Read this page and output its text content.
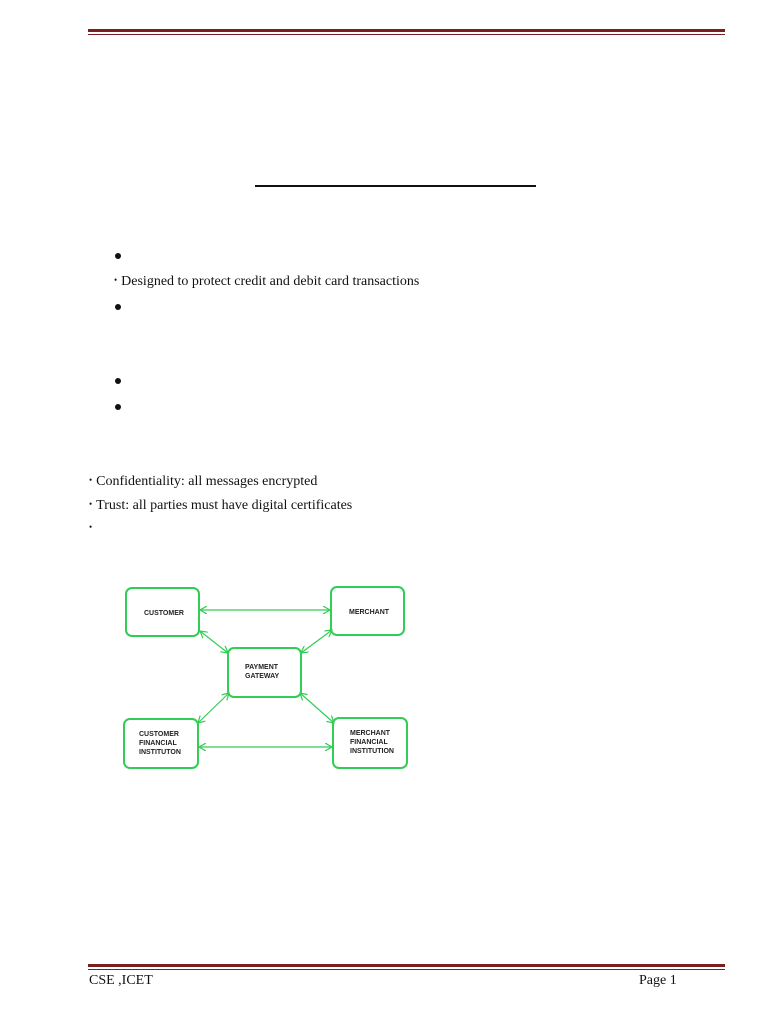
• Designed to protect credit and debit card transactions
• Confidentiality: all messages encrypted
• Trust: all parties must have digital certificates
•
CUSTOMER	MERCHANT
PAYMENT
GATEWAY
CUSTOMER
FINANCIAL
INSTITUTON
MERCHANT
FINANCIAL
INSTITUTION
CSE ,ICET	Page 1
